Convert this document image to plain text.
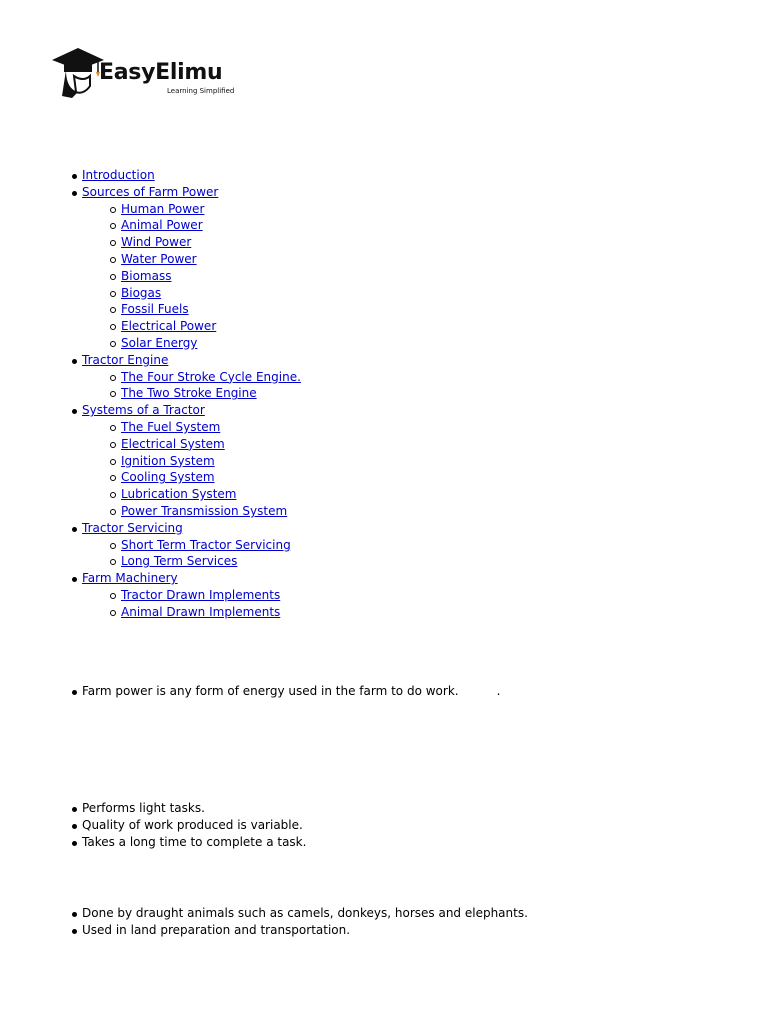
EasyElimu
Learning Simplified
Introduction
Sources of Farm Power
Human Power
Animal Power
Wind Power
Water Power
Biomass
Biogas
Fossil Fuels
Electrical Power
Solar Energy
Tractor Engine
The Four Stroke Cycle Engine.
The Two Stroke Engine
Systems of a Tractor
The Fuel System
Electrical System
Ignition System
Cooling System
Lubrication System
Power Transmission System
Tractor Servicing
Short Term Tractor Servicing
Long Term Services
Farm Machinery
Tractor Drawn Implements
Animal Drawn Implements
Farm power is any form of energy used in the farm to do work.	.
Performs light tasks.
Quality of work produced is variable.
Takes a long time to complete a task.
Done by draught animals such as camels, donkeys, horses and elephants.
Used in land preparation and transportation.
